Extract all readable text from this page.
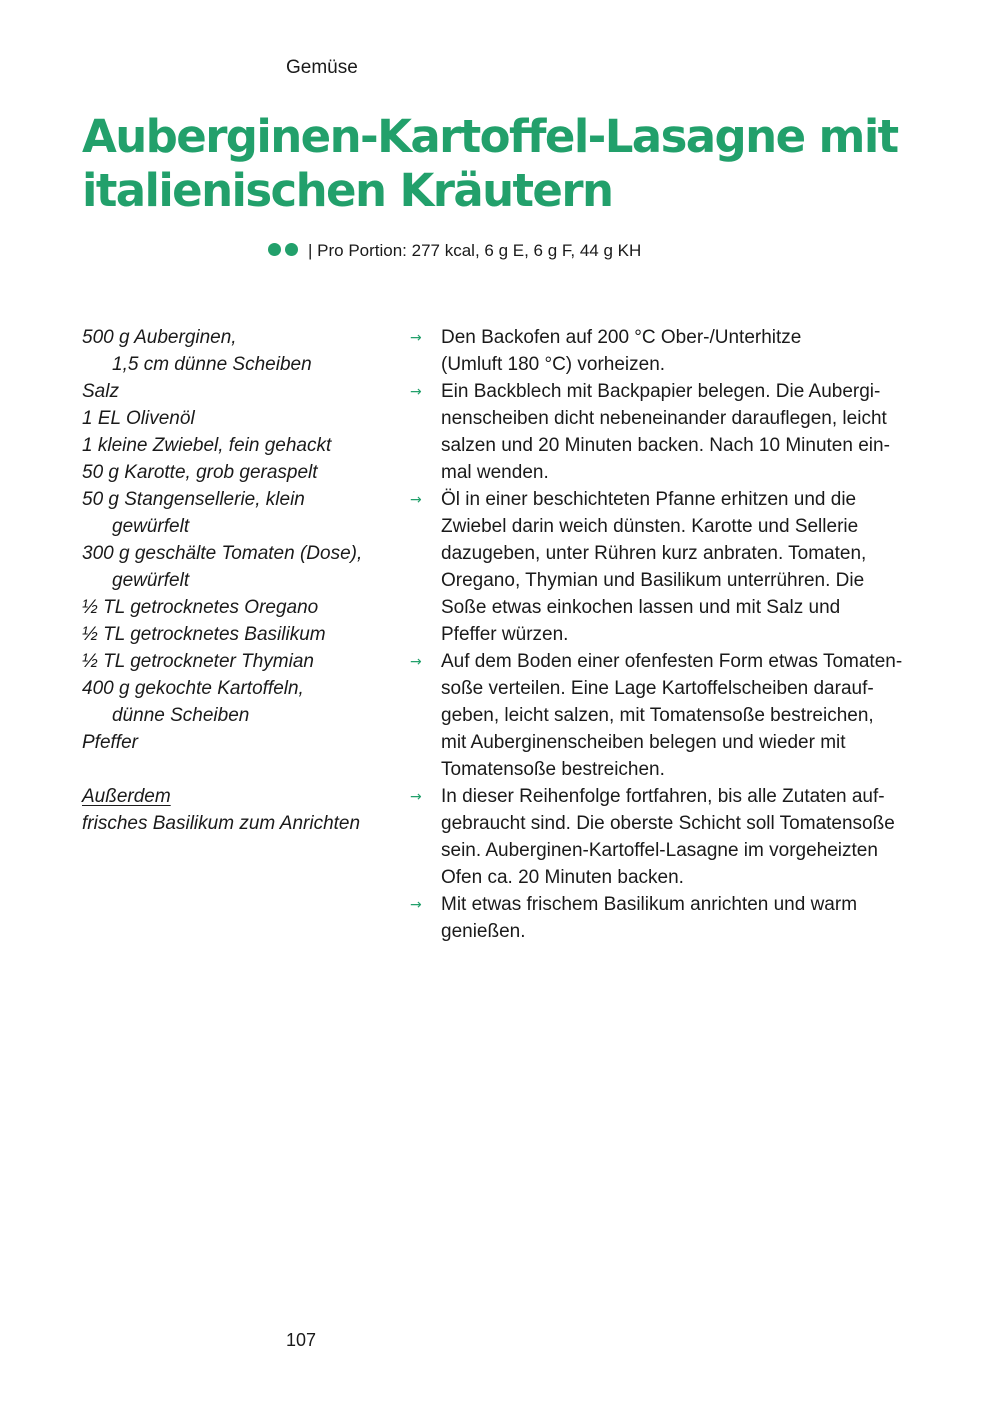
Gemüse
Auberginen-Kartoffel-Lasagne mit
italienischen Kräutern
| Pro Portion: 277 kcal, 6 g E, 6 g F, 44 g KH
500 g Auberginen,
1,5 cm dünne Scheiben
Salz
1 EL Olivenöl
1 kleine Zwiebel, fein gehackt
50 g Karotte, grob geraspelt
50 g Stangensellerie, klein
gewürfelt
300 g geschälte Tomaten (Dose),
gewürfelt
½ TL getrocknetes Oregano
½ TL getrocknetes Basilikum
½ TL getrockneter Thymian
400 g gekochte Kartoffeln,
dünne Scheiben
Pfeffer
Außerdem
frisches Basilikum zum Anrichten
→ Den Backofen auf 200 °C Ober-/Unterhitze
(Umluft 180 °C) vorheizen.
→ Ein Backblech mit Backpapier belegen. Die Aubergi-
nenscheiben dicht nebeneinander darauflegen, leicht
salzen und 20 Minuten backen. Nach 10 Minuten ein-
mal wenden.
→ Öl in einer beschichteten Pfanne erhitzen und die
Zwiebel darin weich dünsten. Karotte und Sellerie
dazugeben, unter Rühren kurz anbraten. Tomaten,
Oregano, Thymian und Basilikum unterrühren. Die
Soße etwas einkochen lassen und mit Salz und
Pfeffer würzen.
→ Auf dem Boden einer ofenfesten Form etwas Tomaten-
soße verteilen. Eine Lage Kartoffelscheiben darauf-
geben, leicht salzen, mit Tomatensoße bestreichen,
mit Auberginenscheiben belegen und wieder mit
Tomatensoße bestreichen.
→ In dieser Reihenfolge fortfahren, bis alle Zutaten auf-
gebraucht sind. Die oberste Schicht soll Tomatensoße
sein. Auberginen-Kartoffel-Lasagne im vorgeheizten
Ofen ca. 20 Minuten backen.
→ Mit etwas frischem Basilikum anrichten und warm
genießen.
107
